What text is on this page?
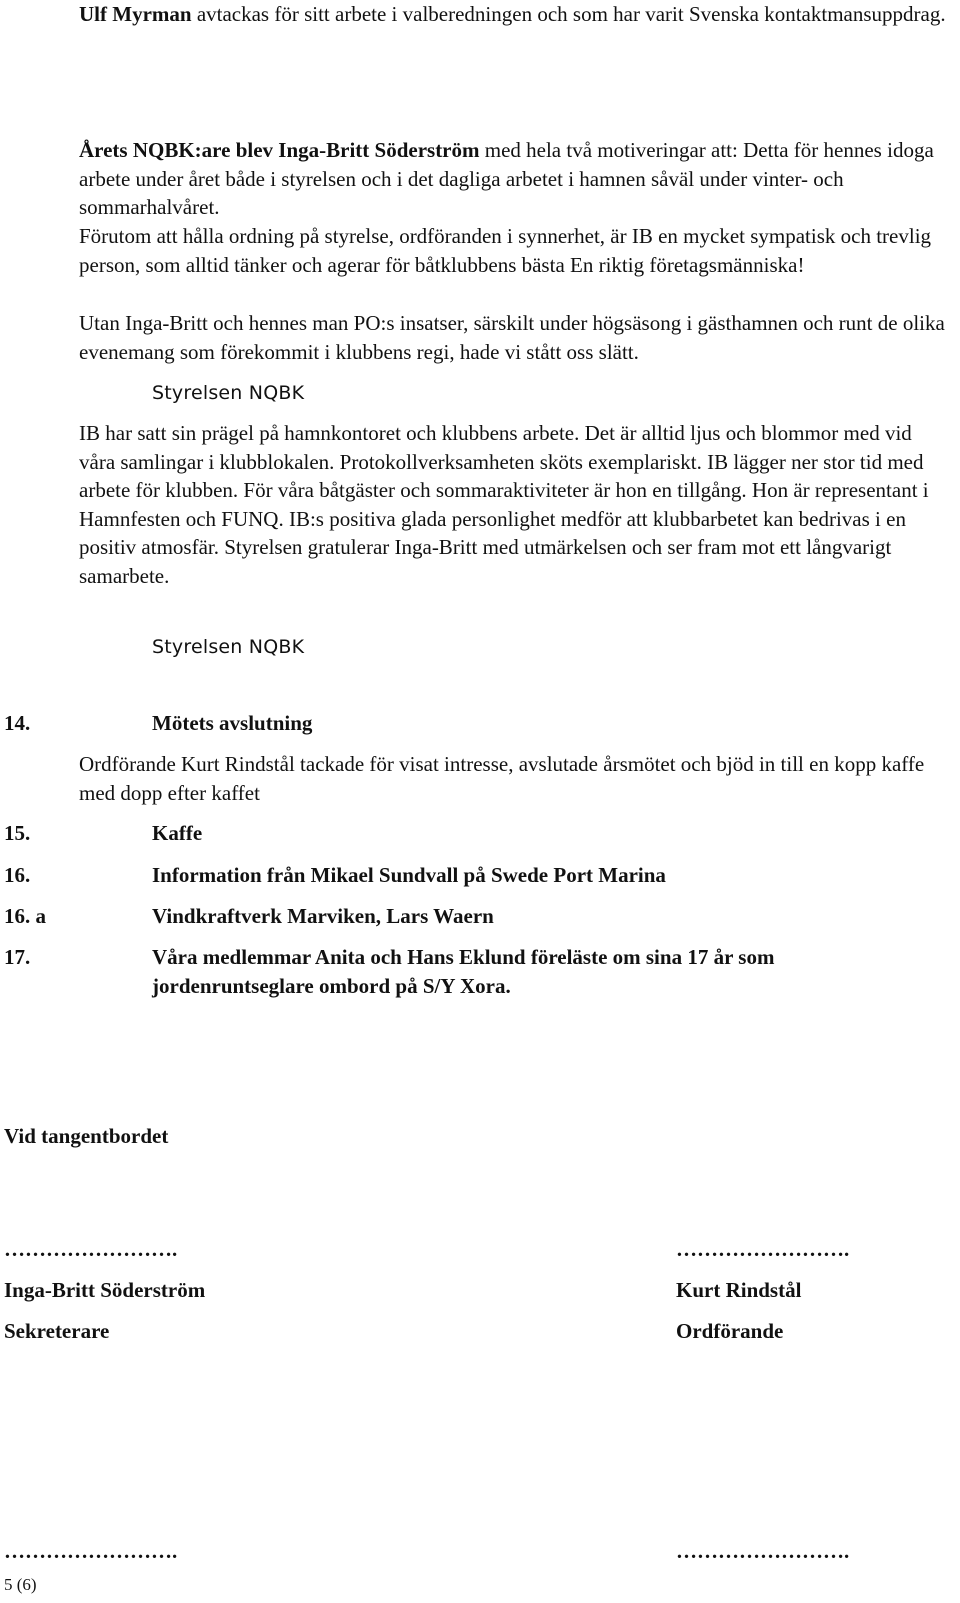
Ulf Myrman avtackas för sitt arbete i valberedningen och som har varit Svenska kontaktmansuppdrag.

Årets NQBK:are blev Inga-Britt Söderström med hela två motiveringar att: Detta för hennes idoga arbete under året både i styrelsen och i det dagliga arbetet i hamnen såväl under vinter- och sommarhalvåret.

Förutom att hålla ordning på styrelse, ordföranden i synnerhet, är IB en mycket sympatisk och trevlig person, som alltid tänker och agerar för båtklubbens bästa En riktig företagsmänniska!

Utan Inga-Britt och hennes man PO:s insatser, särskilt under högsäsong i gästhamnen och runt de olika evenemang som förekommit i klubbens regi, hade vi stått oss slätt.

Styrelsen NQBK

IB har satt sin prägel på hamnkontoret och klubbens arbete. Det är alltid ljus och blommor med vid våra samlingar i klubblokalen. Protokollverksamheten sköts exemplariskt. IB lägger ner stor tid med arbete för klubben. För våra båtgäster och sommaraktiviteter är hon en tillgång. Hon är representant i Hamnfesten och FUNQ. IB:s positiva glada personlighet medför att klubbarbetet kan bedrivas i en positiv atmosfär. Styrelsen gratulerar Inga-Britt med utmärkelsen och ser fram mot ett långvarigt samarbete.

Styrelsen NQBK
14.	Mötets avslutning

Ordförande Kurt Rindstål tackade för visat intresse, avslutade årsmötet och bjöd in till en kopp kaffe med dopp efter kaffet

15.	Kaffe
16.	Information från Mikael Sundvall på Swede Port Marina
16. a	Vindkraftverk Marviken, Lars Waern
17.	Våra medlemmar Anita och Hans Eklund föreläste om sina 17 år som jordenruntseglare ombord på S/Y Xora.
Vid tangentbordet
…………………….	…………………….
Inga-Britt Söderström	Kurt Rindstål
Sekreterare	Ordförande
…………………….	…………………….
5 (6)
